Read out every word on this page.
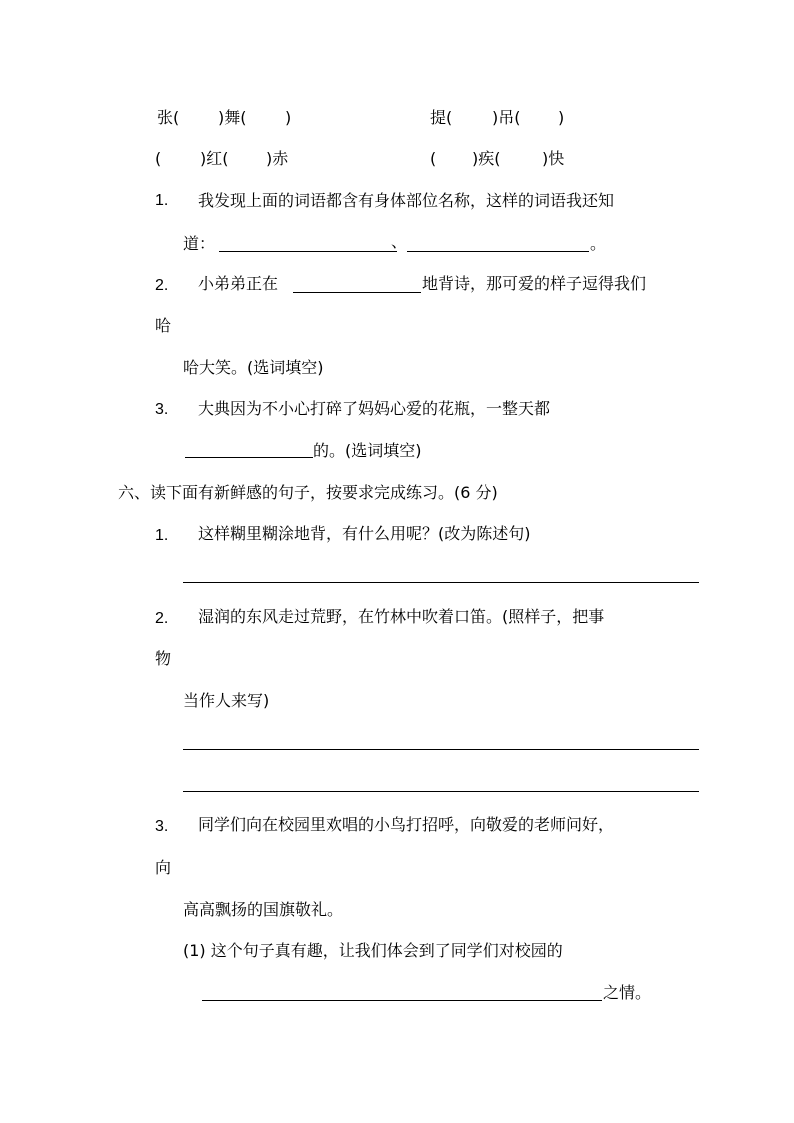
张( )舞( )	提( )吊( )
( )红( )赤	( )疾(	)快
1. 我发现上面的词语都含有身体部位名称，这样的词语我还知
道：	、	。
2. 小弟弟正在	地背诗，那可爱的样子逗得我们
哈
哈大笑。(选词填空)
3. 大典因为不小心打碎了妈妈心爱的花瓶，一整天都
的。(选词填空)
六、读下面有新鲜感的句子，按要求完成练习。(6 分)
1. 这样糊里糊涂地背，有什么用呢？(改为陈述句)
2. 湿润的东风走过荒野，在竹林中吹着口笛。(照样子，把事
物
当作人来写)
3. 同学们向在校园里欢唱的小鸟打招呼，向敬爱的老师问好，
向
高高飘扬的国旗敬礼。
(1) 这个句子真有趣，让我们体会到了同学们对校园的
之情。
